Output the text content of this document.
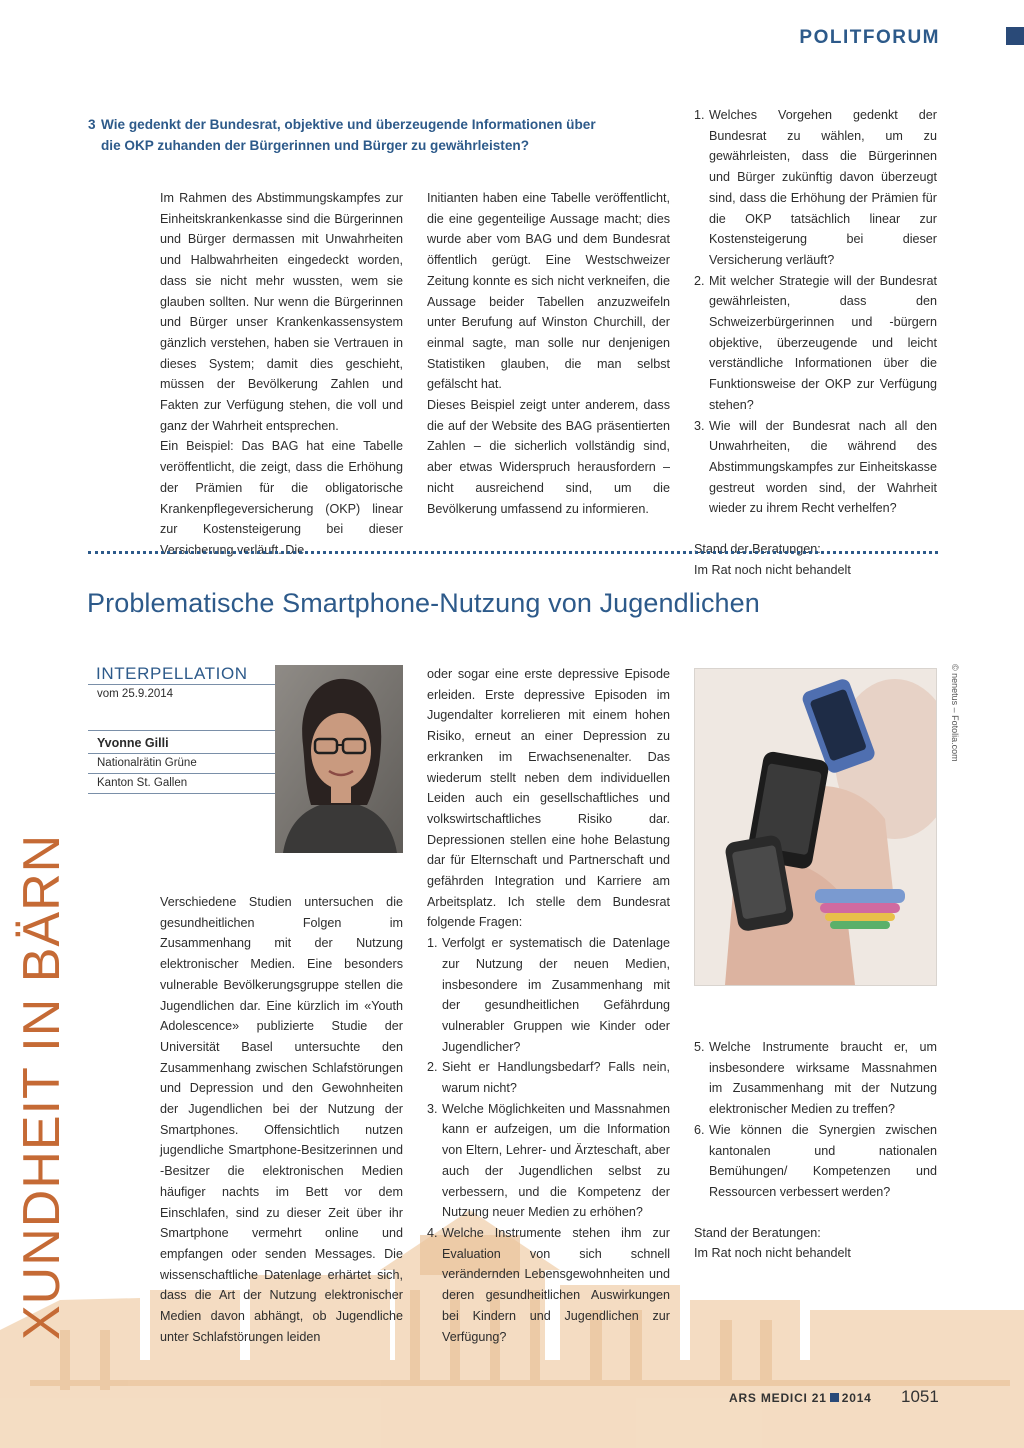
POLITFORUM
3 Wie gedenkt der Bundesrat, objektive und überzeugende Informationen über die OKP zuhanden der Bürgerinnen und Bürger zu gewährleisten?

Im Rahmen des Abstimmungskampfes zur Einheitskrankenkasse sind die Bürgerinnen und Bürger dermassen mit Unwahrheiten und Halbwahrheiten eingedeckt worden, dass sie nicht mehr wussten, wem sie glauben sollten. Nur wenn die Bürgerinnen und Bürger unser Krankenkassensystem gänzlich verstehen, haben sie Vertrauen in dieses System; damit dies geschieht, müssen der Bevölkerung Zahlen und Fakten zur Verfügung stehen, die voll und ganz der Wahrheit entsprechen.

Ein Beispiel: Das BAG hat eine Tabelle veröffentlicht, die zeigt, dass die Erhöhung der Prämien für die obligatorische Krankenpflegeversicherung (OKP) linear zur Kostensteigerung bei dieser Versicherung verläuft. Die

Initianten haben eine Tabelle veröffentlicht, die eine gegenteilige Aussage macht; dies wurde aber vom BAG und dem Bundesrat öffentlich gerügt. Eine Westschweizer Zeitung konnte es sich nicht verkneifen, die Aussage beider Tabellen anzuzweifeln unter Berufung auf Winston Churchill, der einmal sagte, man solle nur denjenigen Statistiken glauben, die man selbst gefälscht hat.

Dieses Beispiel zeigt unter anderem, dass die auf der Website des BAG präsentierten Zahlen – die sicherlich vollständig sind, aber etwas Widerspruch herausfordern – nicht ausreichend sind, um die Bevölkerung umfassend zu informieren.

1. Welches Vorgehen gedenkt der Bundesrat zu wählen, um zu gewährleisten, dass die Bürgerinnen und Bürger zukünftig davon überzeugt sind, dass die Erhöhung der Prämien für die OKP tatsächlich linear zur Kostensteigerung bei dieser Versicherung verläuft?
2. Mit welcher Strategie will der Bundesrat gewährleisten, dass den Schweizerbürgerinnen und -bürgern objektive, überzeugende und leicht verständliche Informationen über die Funktionsweise der OKP zur Verfügung stehen?
3. Wie will der Bundesrat nach all den Unwahrheiten, die während des Abstimmungskampfes zur Einheitskasse gestreut worden sind, der Wahrheit wieder zu ihrem Recht verhelfen?

Stand der Beratungen:

Im Rat noch nicht behandelt

Problematische Smartphone-Nutzung von Jugendlichen
INTERPELLATION
vom 25.9.2014
Yvonne Gilli
Nationalrätin Grüne
Kanton St. Gallen

Verschiedene Studien untersuchen die gesundheitlichen Folgen im Zusammenhang mit der Nutzung elektronischer Medien. Eine besonders vulnerable Bevölkerungsgruppe stellen die Jugendlichen dar. Eine kürzlich im «Youth Adolescence» publizierte Studie der Universität Basel untersuchte den Zusammenhang zwischen Schlafstörungen und Depression und den Gewohnheiten der Jugendlichen bei der Nutzung der Smartphones. Offensichtlich nutzen jugendliche Smartphone-Besitzerinnen und -Besitzer die elektronischen Medien häufiger nachts im Bett vor dem Einschlafen, sind zu dieser Zeit über ihr Smartphone vermehrt online und empfangen oder senden Messages. Die wissenschaftliche Datenlage erhärtet sich, dass die Art der Nutzung elektronischer Medien davon abhängt, ob Jugendliche unter Schlafstörungen leiden

oder sogar eine erste depressive Episode erleiden. Erste depressive Episoden im Jugendalter korrelieren mit einem hohen Risiko, erneut an einer Depression zu erkranken im Erwachsenenalter. Das wiederum stellt neben dem individuellen Leiden auch ein gesellschaftliches und volkswirtschaftliches Risiko dar. Depressionen stellen eine hohe Belastung dar für Elternschaft und Partnerschaft und gefährden Integration und Karriere am Arbeitsplatz. Ich stelle dem Bundesrat folgende Fragen:

1. Verfolgt er systematisch die Datenlage zur Nutzung der neuen Medien, insbesondere im Zusammenhang mit der gesundheitlichen Gefährdung vulnerabler Gruppen wie Kinder oder Jugendlicher?
2. Sieht er Handlungsbedarf? Falls nein, warum nicht?
3. Welche Möglichkeiten und Massnahmen kann er aufzeigen, um die Information von Eltern, Lehrer- und Ärzteschaft, aber auch der Jugendlichen selbst zu verbessern, und die Kompetenz der Nutzung neuer Medien zu erhöhen?
4. Welche Instrumente stehen ihm zur Evaluation von sich schnell verändernden Lebensgewohnheiten und deren gesundheitlichen Auswirkungen bei Kindern und Jugendlichen zur Verfügung?
© nenetus – Fotolia.com
5. Welche Instrumente braucht er, um insbesondere wirksame Massnahmen im Zusammenhang mit der Nutzung elektronischer Medien zu treffen?
6. Wie können die Synergien zwischen kantonalen und nationalen Bemühungen/ Kompetenzen und Ressourcen verbessert werden?

Stand der Beratungen:

Im Rat noch nicht behandelt

XUNDHEIT IN BÄRN
ARS MEDICI 21 2014 1051
